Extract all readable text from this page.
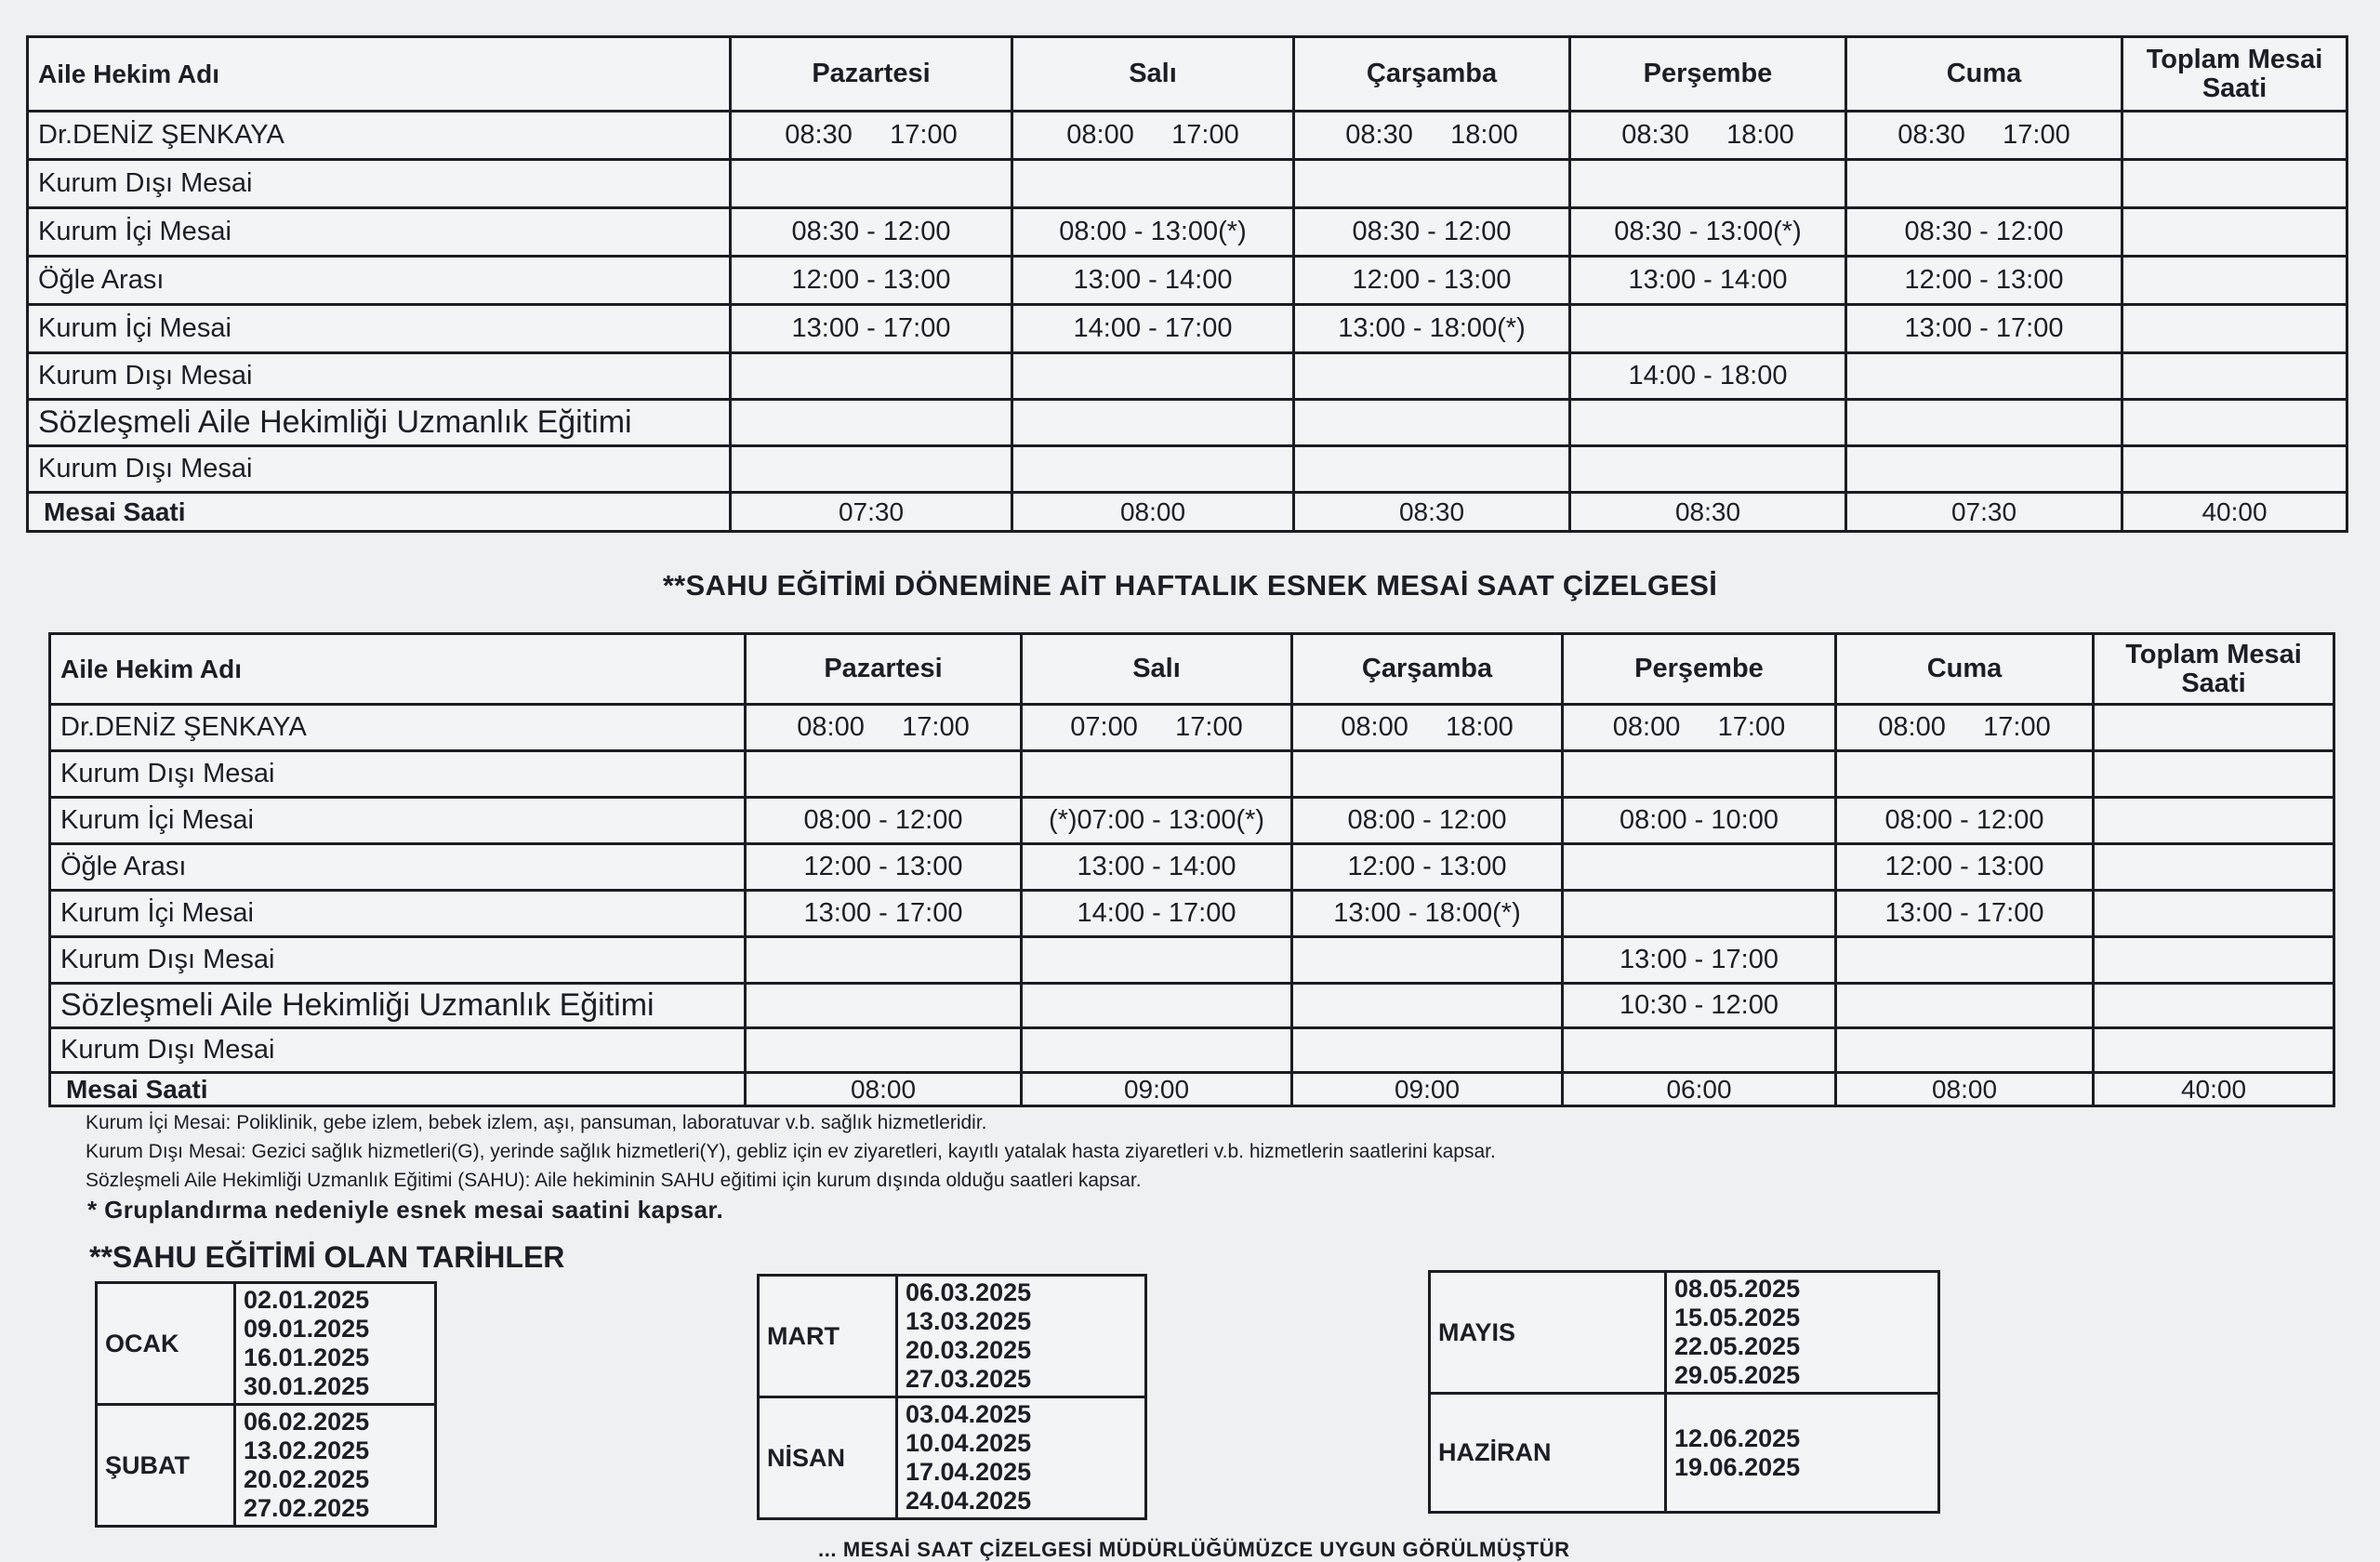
Aile Hekim Adı	Pazartesi	Salı	Çarşamba	Perşembe	Cuma	Toplam Mesai Saati
Dr.DENİZ ŞENKAYA	08:30     17:00	08:00     17:00	08:30     18:00	08:30     18:00	08:30     17:00	
Kurum Dışı Mesai						
Kurum İçi Mesai	08:30 - 12:00	08:00 - 13:00(*)	08:30 - 12:00	08:30 - 13:00(*)	08:30 - 12:00	
Öğle Arası	12:00 - 13:00	13:00 - 14:00	12:00 - 13:00	13:00 - 14:00	12:00 - 13:00	
Kurum İçi Mesai	13:00 - 17:00	14:00 - 17:00	13:00 - 18:00(*)		13:00 - 17:00	
Kurum Dışı Mesai				14:00 - 18:00		
Sözleşmeli Aile Hekimliği Uzmanlık Eğitimi						
Kurum Dışı Mesai						
Mesai Saati	07:30	08:00	08:30	08:30	07:30	40:00
**SAHU EĞİTİMİ DÖNEMİNE AİT HAFTALIK ESNEK MESAİ SAAT ÇİZELGESİ
Aile Hekim Adı	Pazartesi	Salı	Çarşamba	Perşembe	Cuma	Toplam Mesai Saati
Dr.DENİZ ŞENKAYA	08:00     17:00	07:00     17:00	08:00     18:00	08:00     17:00	08:00     17:00	
Kurum Dışı Mesai						
Kurum İçi Mesai	08:00 - 12:00	(*)07:00 - 13:00(*)	08:00 - 12:00	08:00 - 10:00	08:00 - 12:00	
Öğle Arası	12:00 - 13:00	13:00 - 14:00	12:00 - 13:00		12:00 - 13:00	
Kurum İçi Mesai	13:00 - 17:00	14:00 - 17:00	13:00 - 18:00(*)		13:00 - 17:00	
Kurum Dışı Mesai				13:00 - 17:00		
Sözleşmeli Aile Hekimliği Uzmanlık Eğitimi				10:30 - 12:00		
Kurum Dışı Mesai						
Mesai Saati	08:00	09:00	09:00	06:00	08:00	40:00
Kurum İçi Mesai: Poliklinik, gebe izlem, bebek izlem, aşı, pansuman, laboratuvar v.b. sağlık hizmetleridir.
Kurum Dışı Mesai: Gezici sağlık hizmetleri(G), yerinde sağlık hizmetleri(Y), gebliz için ev ziyaretleri, kayıtlı yatalak hasta ziyaretleri v.b. hizmetlerin saatlerini kapsar.
Sözleşmeli Aile Hekimliği Uzmanlık Eğitimi (SAHU): Aile hekiminin SAHU eğitimi için kurum dışında olduğu saatleri kapsar.
* Gruplandırma nedeniyle esnek mesai saatini kapsar.
**SAHU EĞİTİMİ OLAN TARİHLER
OCAK	02.01.2025
09.01.2025
16.01.2025
30.01.2025

ŞUBAT	06.02.2025
13.02.2025
20.02.2025
27.02.2025
MART	06.03.2025
13.03.2025
20.03.2025
27.03.2025

NİSAN	03.04.2025
10.04.2025
17.04.2025
24.04.2025
MAYIS	08.05.2025
15.05.2025
22.05.2025
29.05.2025

HAZİRAN	12.06.2025
19.06.2025
... MESAİ SAAT ÇİZELGESİ MÜDÜRLÜĞÜMÜZCE UYGUN GÖRÜLMÜŞTÜR
